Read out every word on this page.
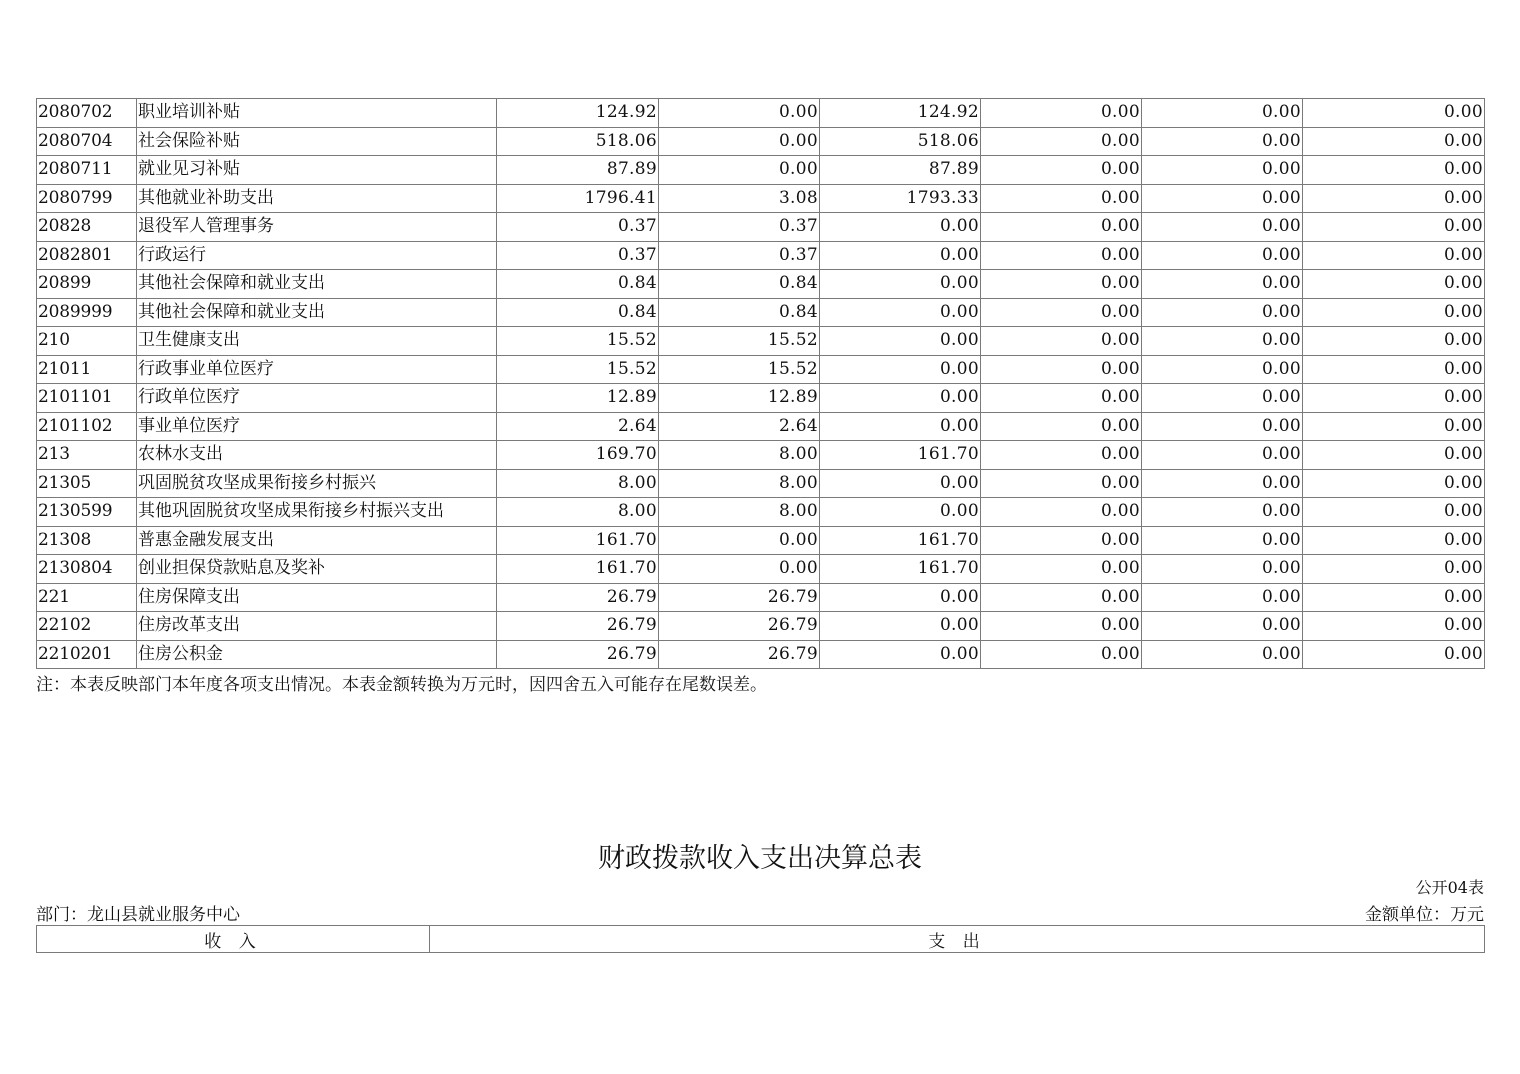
2080702	职业培训补贴	124.92	0.00	124.92	0.00	0.00	0.00
2080704	社会保险补贴	518.06	0.00	518.06	0.00	0.00	0.00
2080711	就业见习补贴	87.89	0.00	87.89	0.00	0.00	0.00
2080799	其他就业补助支出	1796.41	3.08	1793.33	0.00	0.00	0.00
20828	退役军人管理事务	0.37	0.37	0.00	0.00	0.00	0.00
2082801	行政运行	0.37	0.37	0.00	0.00	0.00	0.00
20899	其他社会保障和就业支出	0.84	0.84	0.00	0.00	0.00	0.00
2089999	其他社会保障和就业支出	0.84	0.84	0.00	0.00	0.00	0.00
210	卫生健康支出	15.52	15.52	0.00	0.00	0.00	0.00
21011	行政事业单位医疗	15.52	15.52	0.00	0.00	0.00	0.00
2101101	行政单位医疗	12.89	12.89	0.00	0.00	0.00	0.00
2101102	事业单位医疗	2.64	2.64	0.00	0.00	0.00	0.00
213	农林水支出	169.70	8.00	161.70	0.00	0.00	0.00
21305	巩固脱贫攻坚成果衔接乡村振兴	8.00	8.00	0.00	0.00	0.00	0.00
2130599	其他巩固脱贫攻坚成果衔接乡村振兴支出	8.00	8.00	0.00	0.00	0.00	0.00
21308	普惠金融发展支出	161.70	0.00	161.70	0.00	0.00	0.00
2130804	创业担保贷款贴息及奖补	161.70	0.00	161.70	0.00	0.00	0.00
221	住房保障支出	26.79	26.79	0.00	0.00	0.00	0.00
22102	住房改革支出	26.79	26.79	0.00	0.00	0.00	0.00
2210201	住房公积金	26.79	26.79	0.00	0.00	0.00	0.00
注：本表反映部门本年度各项支出情况。本表金额转换为万元时，因四舍五入可能存在尾数误差。
财政拨款收入支出决算总表
公开04表
部门：龙山县就业服务中心	金额单位：万元
收 入	支 出
